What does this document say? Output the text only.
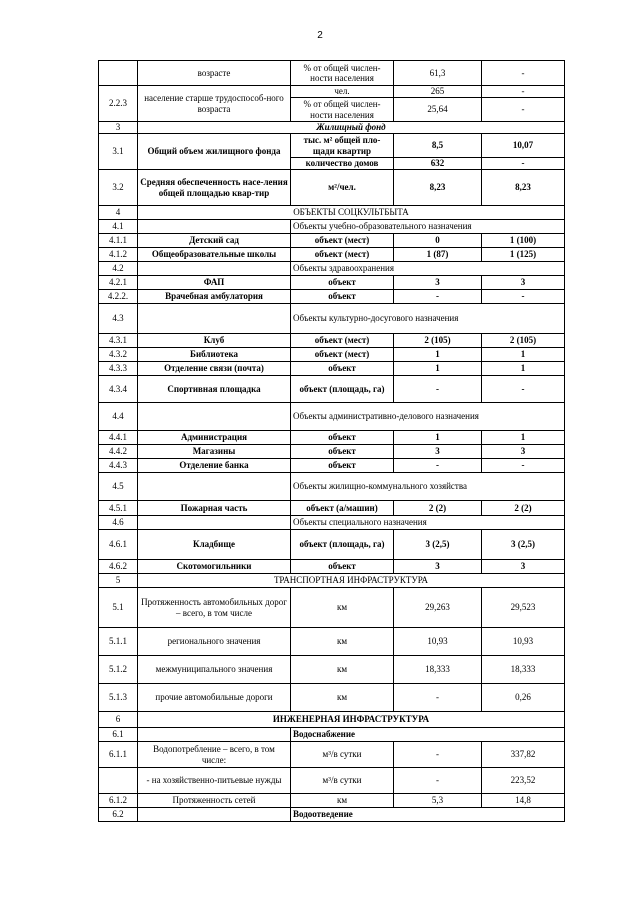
2
	возрасте	% от общей числен-ности населения	61,3	-
2.2.3	население старше трудоспособ-ного возраста	чел.	265	-
		% от общей числен-ности населения	25,64	-
3	Жилищный фонд			
3.1	Общий объем жилищного фонда	тыс. м² общей пло-щади квартир	8,5	10,07
		количество домов	632	-
3.2	Средняя обеспеченность насе-ления общей площадью квар-тир	м²/чел.	8,23	8,23
4	ОБЪЕКТЫ СОЦКУЛЬТБЫТА			
4.1		Объекты учебно-образовательного назначения		
4.1.1	Детский сад	объект (мест)	0	1 (100)
4.1.2	Общеобразовательные школы	объект (мест)	1 (87)	1 (125)
4.2		Объекты здравоохранения		
4.2.1	ФАП	объект	3	3
4.2.2.	Врачебная амбулатория	объект	-	-
4.3		Объекты культурно-досугового назначения		
4.3.1	Клуб	объект (мест)	2 (105)	2 (105)
4.3.2	Библиотека	объект (мест)	1	1
4.3.3	Отделение связи (почта)	объект	1	1
4.3.4	Спортивная площадка	объект (площадь, га)	-	-
4.4		Объекты административно-делового назначения		
4.4.1	Администрация	объект	1	1
4.4.2	Магазины	объект	3	3
4.4.3	Отделение банка	объект	-	-
4.5		Объекты жилищно-коммунального хозяйства		
4.5.1	Пожарная часть	объект (а/машин)	2 (2)	2 (2)
4.6		Объекты специального назначения		
4.6.1	Кладбище	объект (площадь, га)	3 (2,5)	3 (2,5)
4.6.2	Скотомогильники	объект	3	3
5	ТРАНСПОРТНАЯ ИНФРАСТРУКТУРА			
5.1	Протяженность автомобильных дорог – всего, в том числе	км	29,263	29,523
5.1.1	регионального значения	км	10,93	10,93
5.1.2	межмуниципального значения	км	18,333	18,333
5.1.3	прочие автомобильные дороги	км	-	0,26
6	ИНЖЕНЕРНАЯ ИНФРАСТРУКТУРА			
6.1		Водоснабжение		
6.1.1	Водопотребление – всего, в том числе:	м³/в сутки	-	337,82
	- на хозяйственно-питьевые нужды	м³/в сутки	-	223,52
6.1.2	Протяженность сетей	км	5,3	14,8
6.2		Водоотведение		
